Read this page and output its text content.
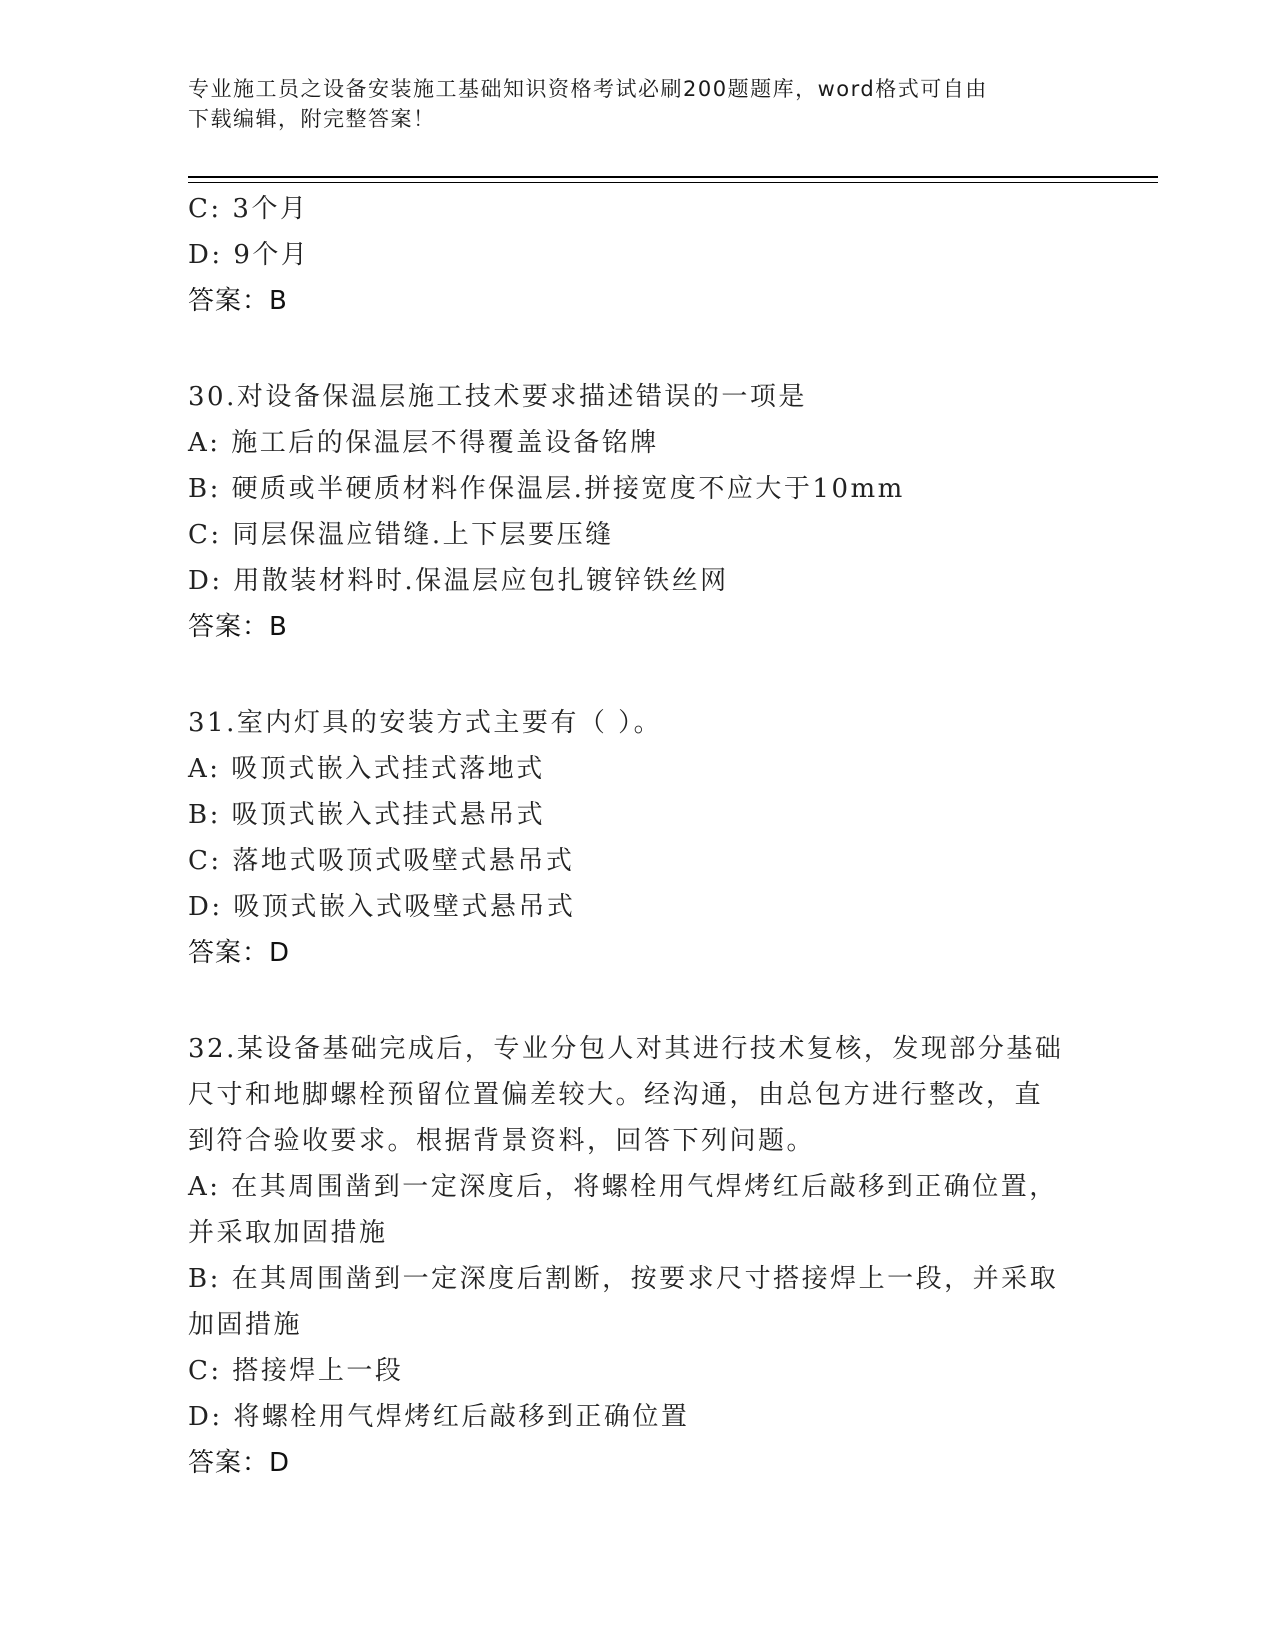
专业施工员之设备安装施工基础知识资格考试必刷200题题库，word格式可自由
下载编辑，附完整答案！
C: 3个月
D: 9个月
答案：B
30.对设备保温层施工技术要求描述错误的一项是
A: 施工后的保温层不得覆盖设备铭牌
B: 硬质或半硬质材料作保温层.拼接宽度不应大于10mm
C: 同层保温应错缝.上下层要压缝
D: 用散装材料时.保温层应包扎镀锌铁丝网
答案：B
31.室内灯具的安装方式主要有（ ）。
A: 吸顶式嵌入式挂式落地式
B: 吸顶式嵌入式挂式悬吊式
C: 落地式吸顶式吸壁式悬吊式
D: 吸顶式嵌入式吸壁式悬吊式
答案：D
32.某设备基础完成后，专业分包人对其进行技术复核，发现部分基础
尺寸和地脚螺栓预留位置偏差较大。经沟通，由总包方进行整改，直
到符合验收要求。根据背景资料，回答下列问题。
A: 在其周围凿到一定深度后，将螺栓用气焊烤红后敲移到正确位置，
并采取加固措施
B: 在其周围凿到一定深度后割断，按要求尺寸搭接焊上一段，并采取
加固措施
C: 搭接焊上一段
D: 将螺栓用气焊烤红后敲移到正确位置
答案：D
